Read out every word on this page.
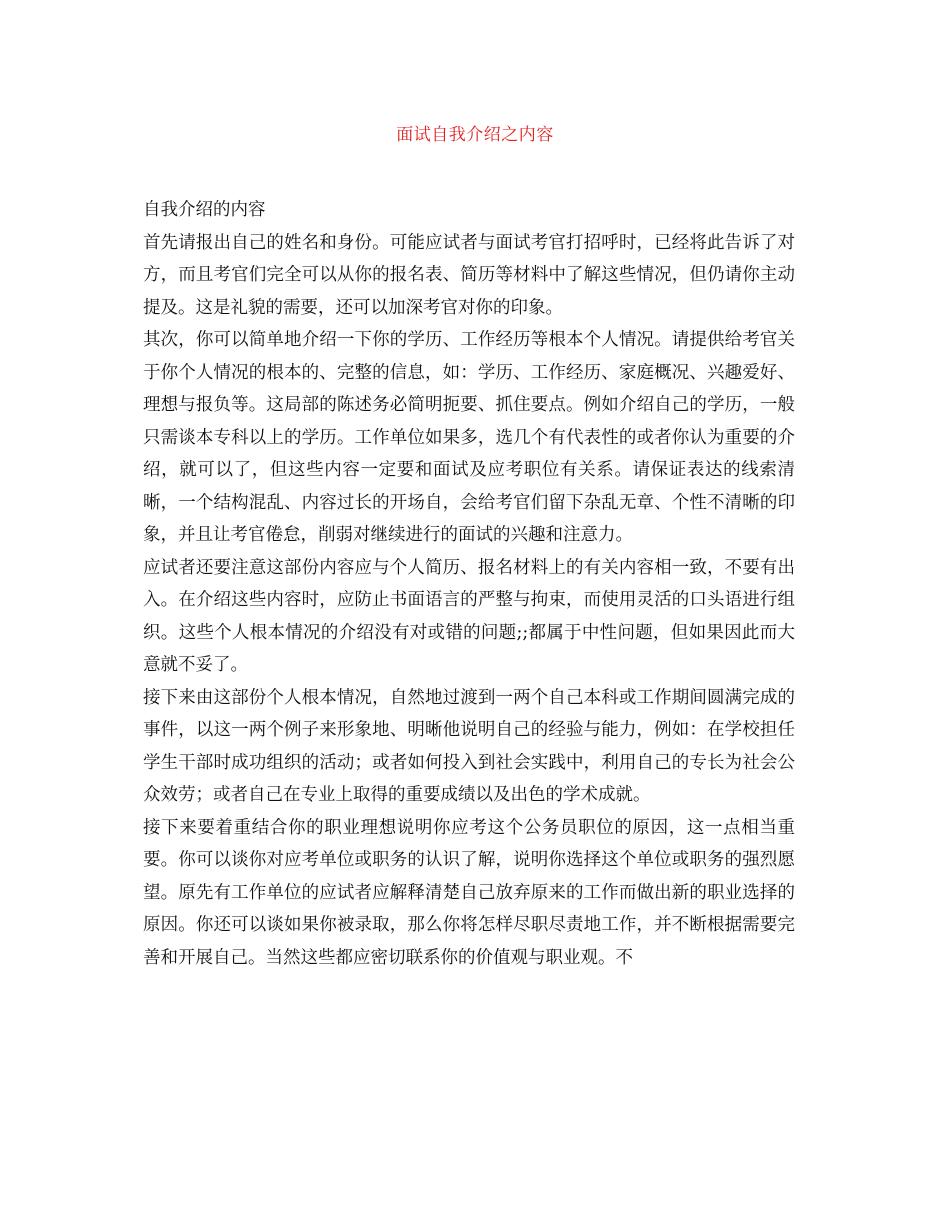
面试自我介绍之内容

自我介绍的内容

首先请报出自己的姓名和身份。可能应试者与面试考官打招呼时，已经将此告诉了对方，而且考官们完全可以从你的报名表、简历等材料中了解这些情况，但仍请你主动提及。这是礼貌的需要，还可以加深考官对你的印象。

其次，你可以简单地介绍一下你的学历、工作经历等根本个人情况。请提供给考官关于你个人情况的根本的、完整的信息，如：学历、工作经历、家庭概况、兴趣爱好、理想与报负等。这局部的陈述务必简明扼要、抓住要点。例如介绍自己的学历，一般只需谈本专科以上的学历。工作单位如果多，选几个有代表性的或者你认为重要的介绍，就可以了，但这些内容一定要和面试及应考职位有关系。请保证表达的线索清晰，一个结构混乱、内容过长的开场自，会给考官们留下杂乱无章、个性不清晰的印象，并且让考官倦怠，削弱对继续进行的面试的兴趣和注意力。

应试者还要注意这部份内容应与个人简历、报名材料上的有关内容相一致，不要有出入。在介绍这些内容时，应防止书面语言的严整与拘束，而使用灵活的口头语进行组织。这些个人根本情况的介绍没有对或错的问题;;都属于中性问题，但如果因此而大意就不妥了。

接下来由这部份个人根本情况，自然地过渡到一两个自己本科或工作期间圆满完成的事件，以这一两个例子来形象地、明晰他说明自己的经验与能力，例如：在学校担任学生干部时成功组织的活动；或者如何投入到社会实践中，利用自己的专长为社会公众效劳；或者自己在专业上取得的重要成绩以及出色的学术成就。

接下来要着重结合你的职业理想说明你应考这个公务员职位的原因，这一点相当重要。你可以谈你对应考单位或职务的认识了解，说明你选择这个单位或职务的强烈愿望。原先有工作单位的应试者应解释清楚自己放弃原来的工作而做出新的职业选择的原因。你还可以谈如果你被录取，那么你将怎样尽职尽责地工作，并不断根据需要完善和开展自己。当然这些都应密切联系你的价值观与职业观。不
